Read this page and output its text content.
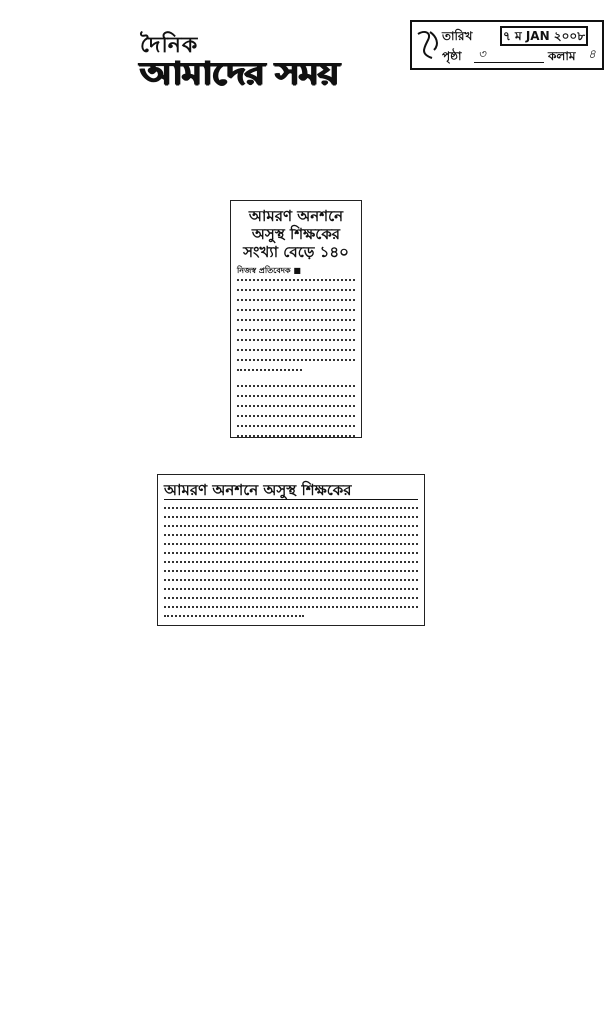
দৈনিক
আমাদের সময়
তারিখ	৭ ম JAN ২০০৮
পৃষ্ঠা ৩	কলাম ৪
আমরণ অনশনে অসুস্থ শিক্ষকের সংখ্যা বেড়ে ১৪০
নিজস্ব প্রতিবেদক ■
আমরণ অনশনে অসুস্থ শিক্ষকের
